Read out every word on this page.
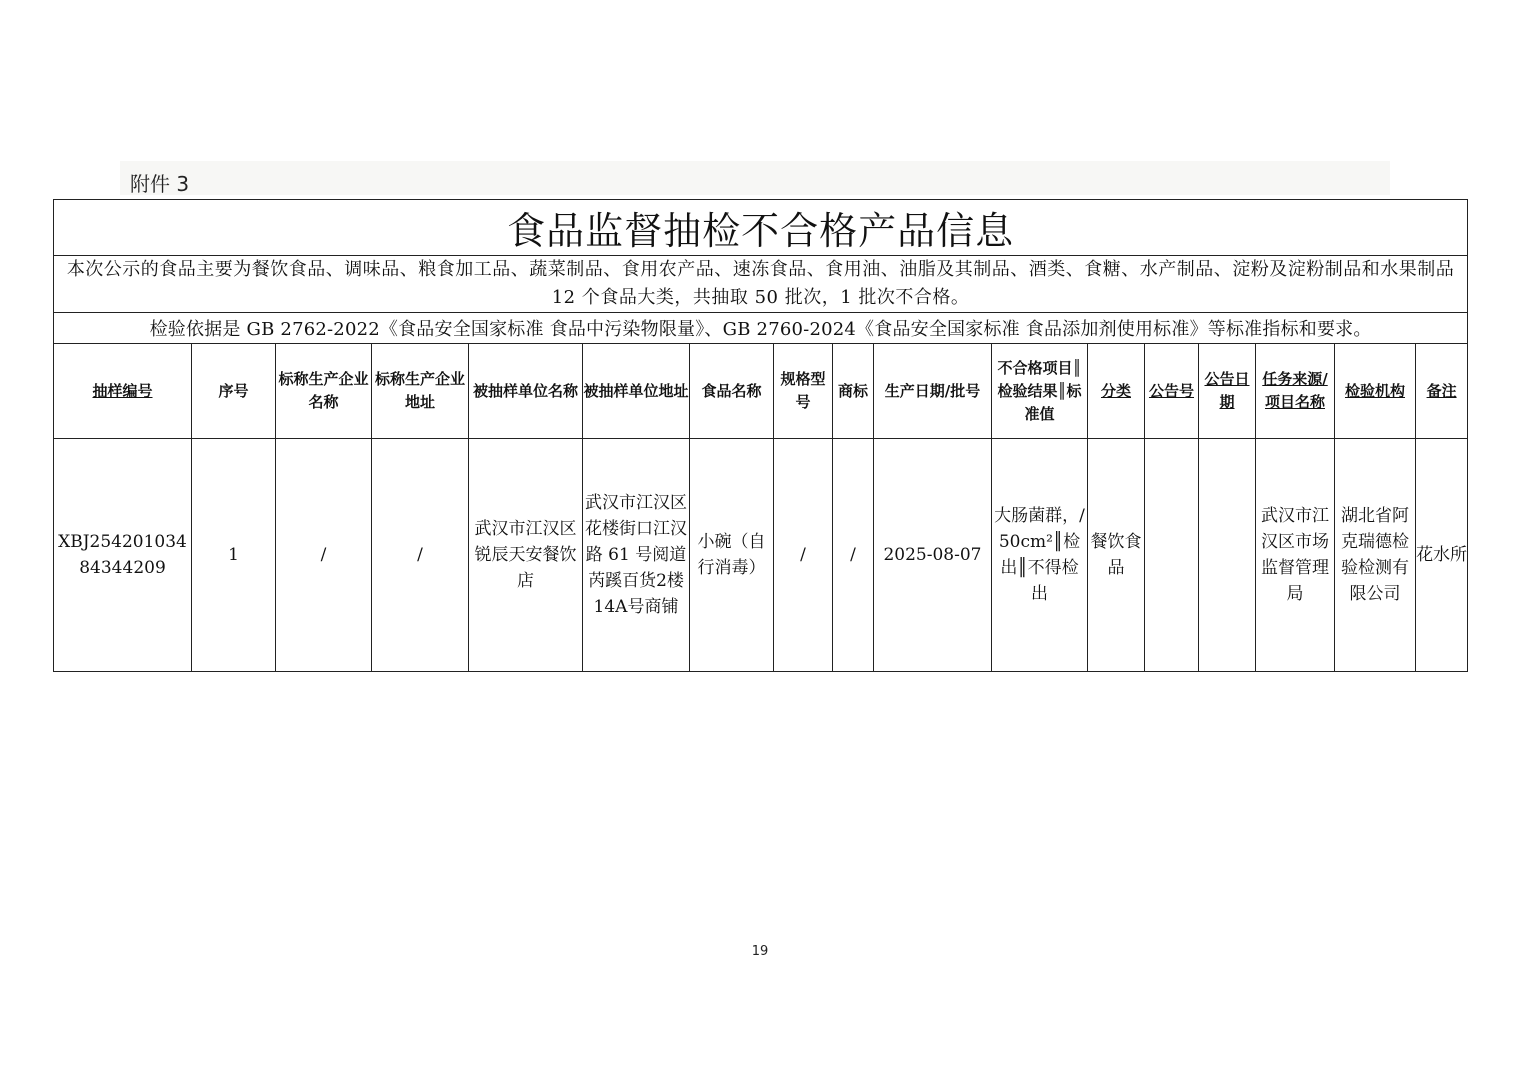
附件 3
食品监督抽检不合格产品信息																
本次公示的食品主要为餐饮食品、调味品、粮食加工品、蔬菜制品、食用农产品、速冻食品、食用油、油脂及其制品、酒类、食糖、水产制品、淀粉及淀粉制品和水果制品 12 个食品大类，共抽取 50 批次，1 批次不合格。																
检验依据是 GB 2762-2022《食品安全国家标准 食品中污染物限量》、GB 2760-2024《食品安全国家标准 食品添加剂使用标准》等标准指标和要求。																
抽样编号	序号	标称生产企业名称	标称生产企业地址	被抽样单位名称	被抽样单位地址	食品名称	规格型号	商标	生产日期/批号	不合格项目║检验结果║标准值	分类	公告号	公告日期	任务来源/项目名称	检验机构	备注
XBJ25420103484344209	1	/	/	武汉市江汉区锐辰天安餐饮店	武汉市江汉区花楼街口江汉路 61 号阅道芮蹊百货2楼14A号商铺	小碗（自行消毒）	/	/	2025-08-07	大肠菌群，/50cm²║检出║不得检出	餐饮食品			武汉市江汉区市场监督管理局	湖北省阿克瑞德检验检测有限公司	花水所
19
